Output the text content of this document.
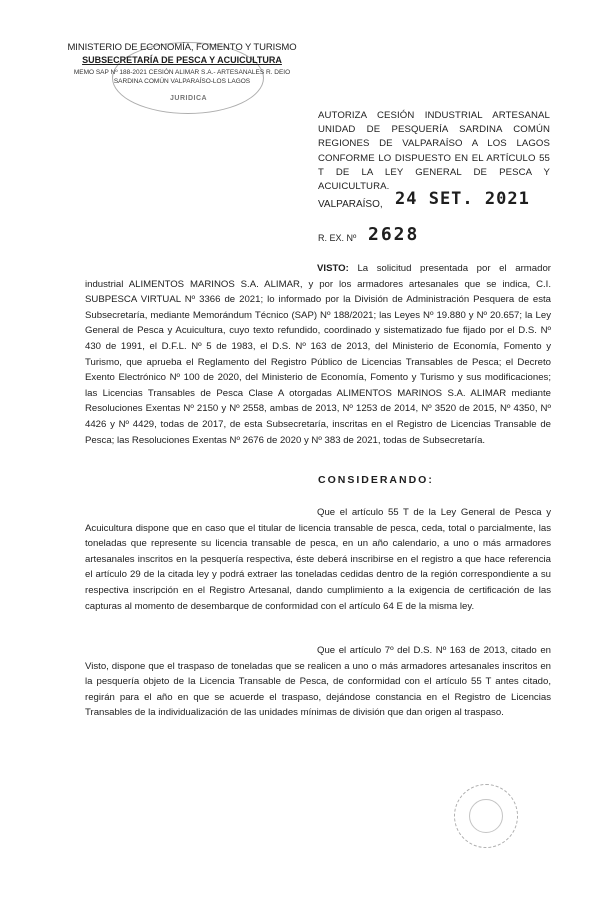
JURIDICA
MINISTERIO DE ECONOMÍA, FOMENTO Y TURISMO
SUBSECRETARÍA DE PESCA Y ACUICULTURA
MEMO SAP Nº 188-2021 CESIÓN ALIMAR S.A.- ARTESANALES R. DEIO
SARDINA COMÚN VALPARAÍSO-LOS LAGOS
AUTORIZA CESIÓN INDUSTRIAL ARTESANAL UNIDAD DE PESQUERÍA SARDINA COMÚN REGIONES DE VALPARAÍSO A LOS LAGOS CONFORME LO DISPUESTO EN EL ARTÍCULO 55 T DE LA LEY GENERAL DE PESCA Y ACUICULTURA.
VALPARAÍSO, 24 SET. 2021
R. EX. Nº 2628
VISTO: La solicitud presentada por el armador industrial ALIMENTOS MARINOS S.A. ALIMAR, y por los armadores artesanales que se indica, C.I. SUBPESCA VIRTUAL Nº 3366 de 2021; lo informado por la División de Administración Pesquera de esta Subsecretaría, mediante Memorándum Técnico (SAP) Nº 188/2021; las Leyes Nº 19.880 y Nº 20.657; la Ley General de Pesca y Acuicultura, cuyo texto refundido, coordinado y sistematizado fue fijado por el D.S. Nº 430 de 1991, el D.F.L. Nº 5 de 1983, el D.S. Nº 163 de 2013, del Ministerio de Economía, Fomento y Turismo, que aprueba el Reglamento del Registro Público de Licencias Transables de Pesca; el Decreto Exento Electrónico Nº 100 de 2020, del Ministerio de Economía, Fomento y Turismo y sus modificaciones; las Licencias Transables de Pesca Clase A otorgadas ALIMENTOS MARINOS S.A. ALIMAR mediante Resoluciones Exentas Nº 2150 y Nº 2558, ambas de 2013, Nº 1253 de 2014, Nº 3520 de 2015, Nº 4350, Nº 4426 y Nº 4429, todas de 2017, de esta Subsecretaría, inscritas en el Registro de Licencias Transable de Pesca; las Resoluciones Exentas Nº 2676 de 2020 y Nº 383 de 2021, todas de Subsecretaría.
CONSIDERANDO:
Que el artículo 55 T de la Ley General de Pesca y Acuicultura dispone que en caso que el titular de licencia transable de pesca, ceda, total o parcialmente, las toneladas que represente su licencia transable de pesca, en un año calendario, a uno o más armadores artesanales inscritos en la pesquería respectiva, éste deberá inscribirse en el registro a que hace referencia el artículo 29 de la citada ley y podrá extraer las toneladas cedidas dentro de la región correspondiente a su respectiva inscripción en el Registro Artesanal, dando cumplimiento a la exigencia de certificación de las capturas al momento de desembarque de conformidad con el artículo 64 E de la misma ley.
Que el artículo 7º del D.S. Nº 163 de 2013, citado en Visto, dispone que el traspaso de toneladas que se realicen a uno o más armadores artesanales inscritos en la pesquería objeto de la Licencia Transable de Pesca, de conformidad con el artículo 55 T antes citado, regirán para el año en que se acuerde el traspaso, dejándose constancia en el Registro de Licencias Transables de la individualización de las unidades mínimas de división que dan origen al traspaso.
